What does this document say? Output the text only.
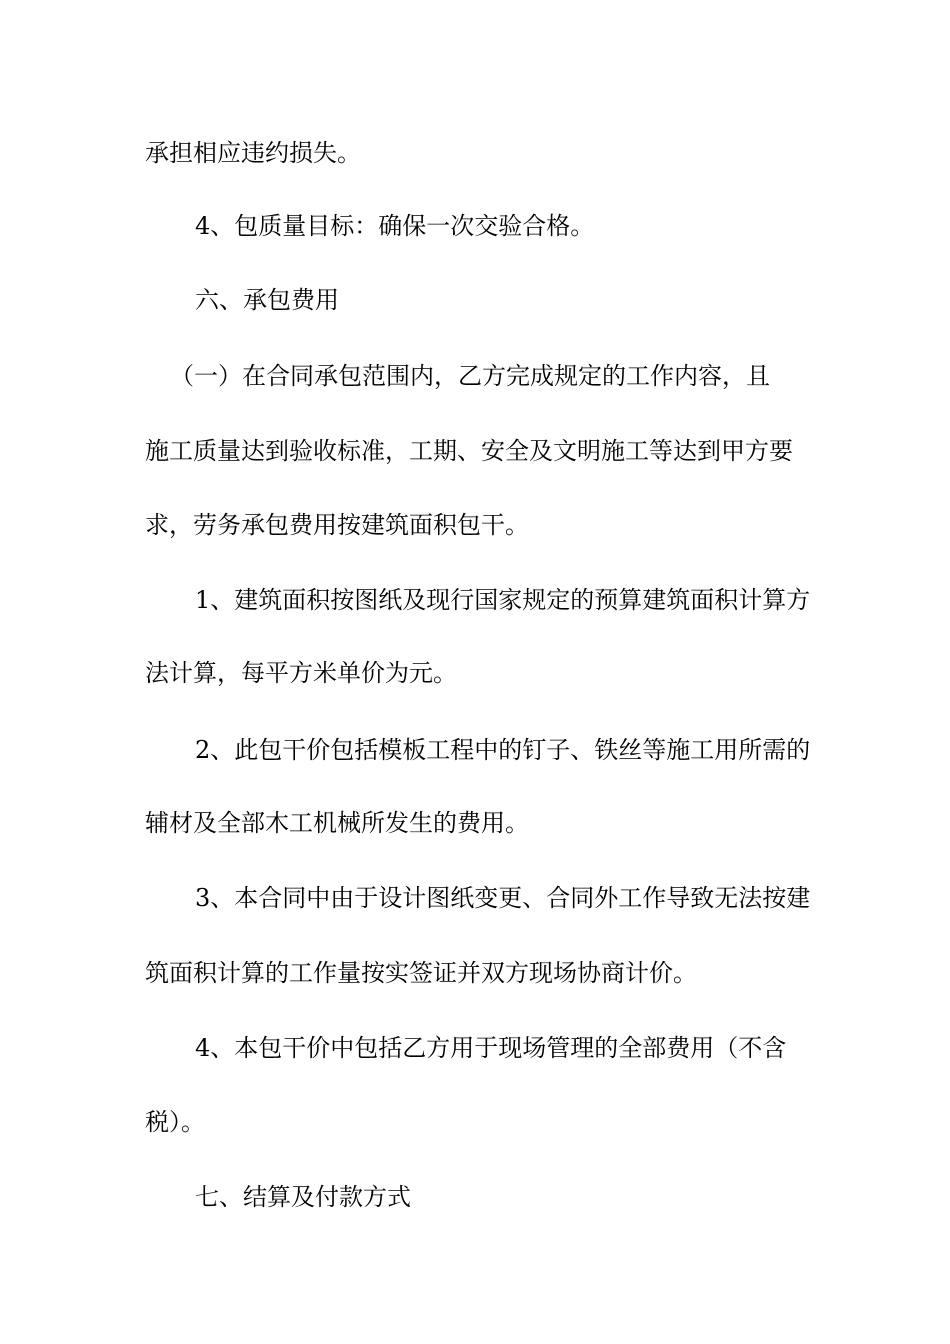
承担相应违约损失。
4、包质量目标：确保一次交验合格。
六、承包费用
（一）在合同承包范围内，乙方完成规定的工作内容，且
施工质量达到验收标准，工期、安全及文明施工等达到甲方要
求，劳务承包费用按建筑面积包干。
1、建筑面积按图纸及现行国家规定的预算建筑面积计算方
法计算，每平方米单价为元。
2、此包干价包括模板工程中的钉子、铁丝等施工用所需的
辅材及全部木工机械所发生的费用。
3、本合同中由于设计图纸变更、合同外工作导致无法按建
筑面积计算的工作量按实签证并双方现场协商计价。
4、本包干价中包括乙方用于现场管理的全部费用（不含
税）。
七、结算及付款方式
